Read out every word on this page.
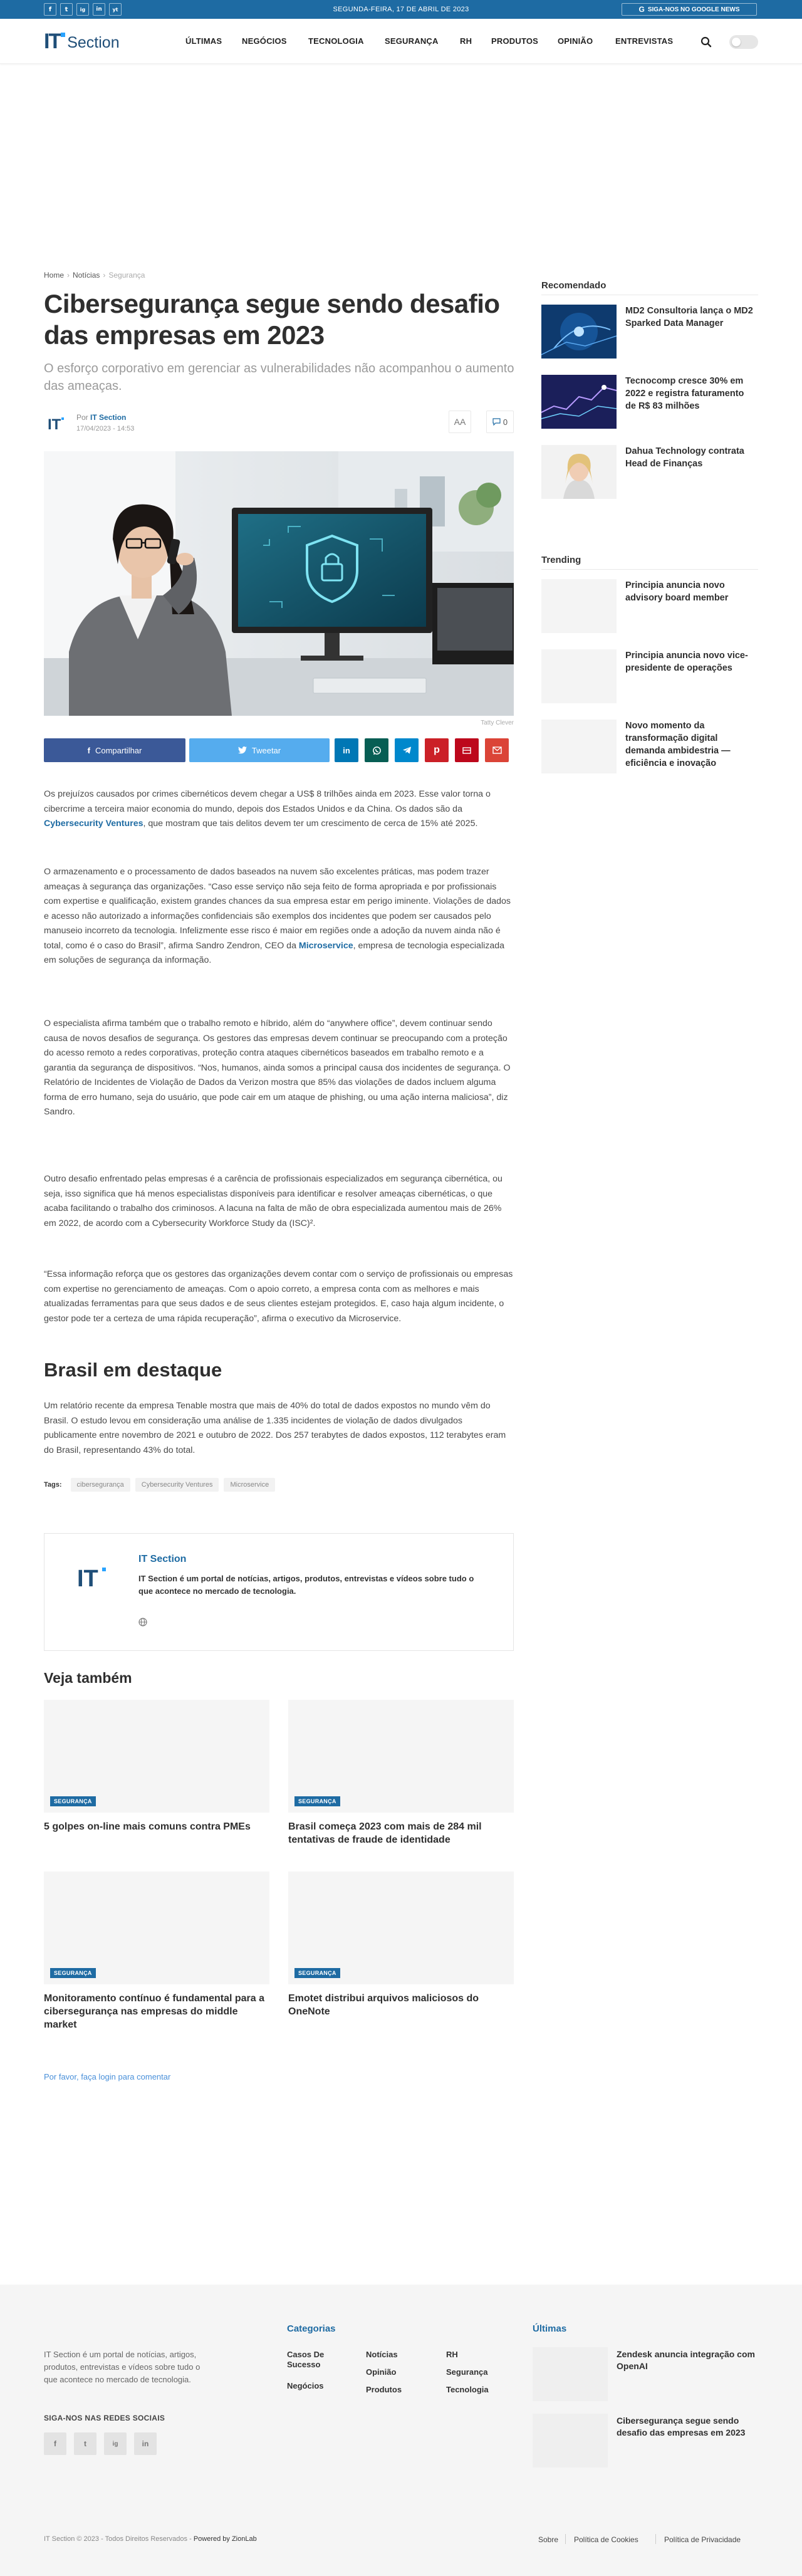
f	t	ig	in	yt	SEGUNDA-FEIRA, 17 DE ABRIL DE 2023	G SIGA-NOS NO GOOGLE NEWS
IT Section	ÚLTIMAS NEGÓCIOS	TECNOLOGIA	SEGURANÇA	RH PRODUTOS OPINIÃO	ENTREVISTAS
Home › Notícias › Segurança
Cibersegurança segue sendo desafio das empresas em 2023
O esforço corporativo em gerenciar as vulnerabilidades não acompanhou o aumento das ameaças.
IT Por IT Section
17/04/2023 - 14:53
AA	0
Tatty Clever
f Compartilhar	Tweetar	in	p
Os prejuízos causados por crimes cibernéticos devem chegar a US$ 8 trilhões ainda em 2023. Esse valor torna o cibercrime a terceira maior economia do mundo, depois dos Estados Unidos e da China. Os dados são da Cybersecurity Ventures, que mostram que tais delitos devem ter um crescimento de cerca de 15% até 2025.
O armazenamento e o processamento de dados baseados na nuvem são excelentes práticas, mas podem trazer ameaças à segurança das organizações. “Caso esse serviço não seja feito de forma apropriada e por profissionais com expertise e qualificação, existem grandes chances da sua empresa estar em perigo iminente. Violações de dados e acesso não autorizado a informações confidenciais são exemplos dos incidentes que podem ser causados pelo manuseio incorreto da tecnologia. Infelizmente esse risco é maior em regiões onde a adoção da nuvem ainda não é total, como é o caso do Brasil”, afirma Sandro Zendron, CEO da Microservice, empresa de tecnologia especializada em soluções de segurança da informação.
O especialista afirma também que o trabalho remoto e híbrido, além do “anywhere office”, devem continuar sendo causa de novos desafios de segurança. Os gestores das empresas devem continuar se preocupando com a proteção do acesso remoto a redes corporativas, proteção contra ataques cibernéticos baseados em trabalho remoto e a garantia da segurança de dispositivos. “Nos, humanos, ainda somos a principal causa dos incidentes de segurança. O Relatório de Incidentes de Violação de Dados da Verizon mostra que 85% das violações de dados incluem alguma forma de erro humano, seja do usuário, que pode cair em um ataque de phishing, ou uma ação interna maliciosa”, diz Sandro.
Outro desafio enfrentado pelas empresas é a carência de profissionais especializados em segurança cibernética, ou seja, isso significa que há menos especialistas disponíveis para identificar e resolver ameaças cibernéticas, o que acaba facilitando o trabalho dos criminosos. A lacuna na falta de mão de obra especializada aumentou mais de 26% em 2022, de acordo com a Cybersecurity Workforce Study da (ISC)².
“Essa informação reforça que os gestores das organizações devem contar com o serviço de profissionais ou empresas com expertise no gerenciamento de ameaças. Com o apoio correto, a empresa conta com as melhores e mais atualizadas ferramentas para que seus dados e de seus clientes estejam protegidos. E, caso haja algum incidente, o gestor pode ter a certeza de uma rápida recuperação”, afirma o executivo da Microservice.
Brasil em destaque
Um relatório recente da empresa Tenable mostra que mais de 40% do total de dados expostos no mundo vêm do Brasil. O estudo levou em consideração uma análise de 1.335 incidentes de violação de dados divulgados publicamente entre novembro de 2021 e outubro de 2022. Dos 257 terabytes de dados expostos, 112 terabytes eram do Brasil, representando 43% do total.
Tags:	cibersegurança	Cybersecurity Ventures	Microservice
IT
IT Section
IT Section é um portal de notícias, artigos, produtos, entrevistas e vídeos sobre tudo o que acontece no mercado de tecnologia.
Veja também
SEGURANÇA
5 golpes on-line mais comuns contra PMEs
SEGURANÇA
Brasil começa 2023 com mais de 284 mil tentativas de fraude de identidade
SEGURANÇA
Monitoramento contínuo é fundamental para a cibersegurança nas empresas do middle market
SEGURANÇA
Emotet distribui arquivos maliciosos do OneNote
Por favor, faça login para comentar
Recomendado
MD2 Consultoria lança o MD2 Sparked Data Manager
Tecnocomp cresce 30% em 2022 e registra faturamento de R$ 83 milhões
Dahua Technology contrata Head de Finanças
Trending
Principia anuncia novo advisory board member
Principia anuncia novo vice-presidente de operações
Novo momento da transformação digital demanda ambidestria — eficiência e inovação
IT Section é um portal de notícias, artigos, produtos, entrevistas e vídeos sobre tudo o que acontece no mercado de tecnologia.
SIGA-NOS NAS REDES SOCIAIS
f	t	ig	in
Categorias
Casos De Sucesso
Negócios
Notícias
Opinião
Produtos
RH
Segurança
Tecnologia
Últimas
Zendesk anuncia integração com OpenAI
Cibersegurança segue sendo desafio das empresas em 2023
IT Section © 2023 - Todos Direitos Reservados - Powered by ZionLab	Sobre Política de Cookies	Política de Privacidade
